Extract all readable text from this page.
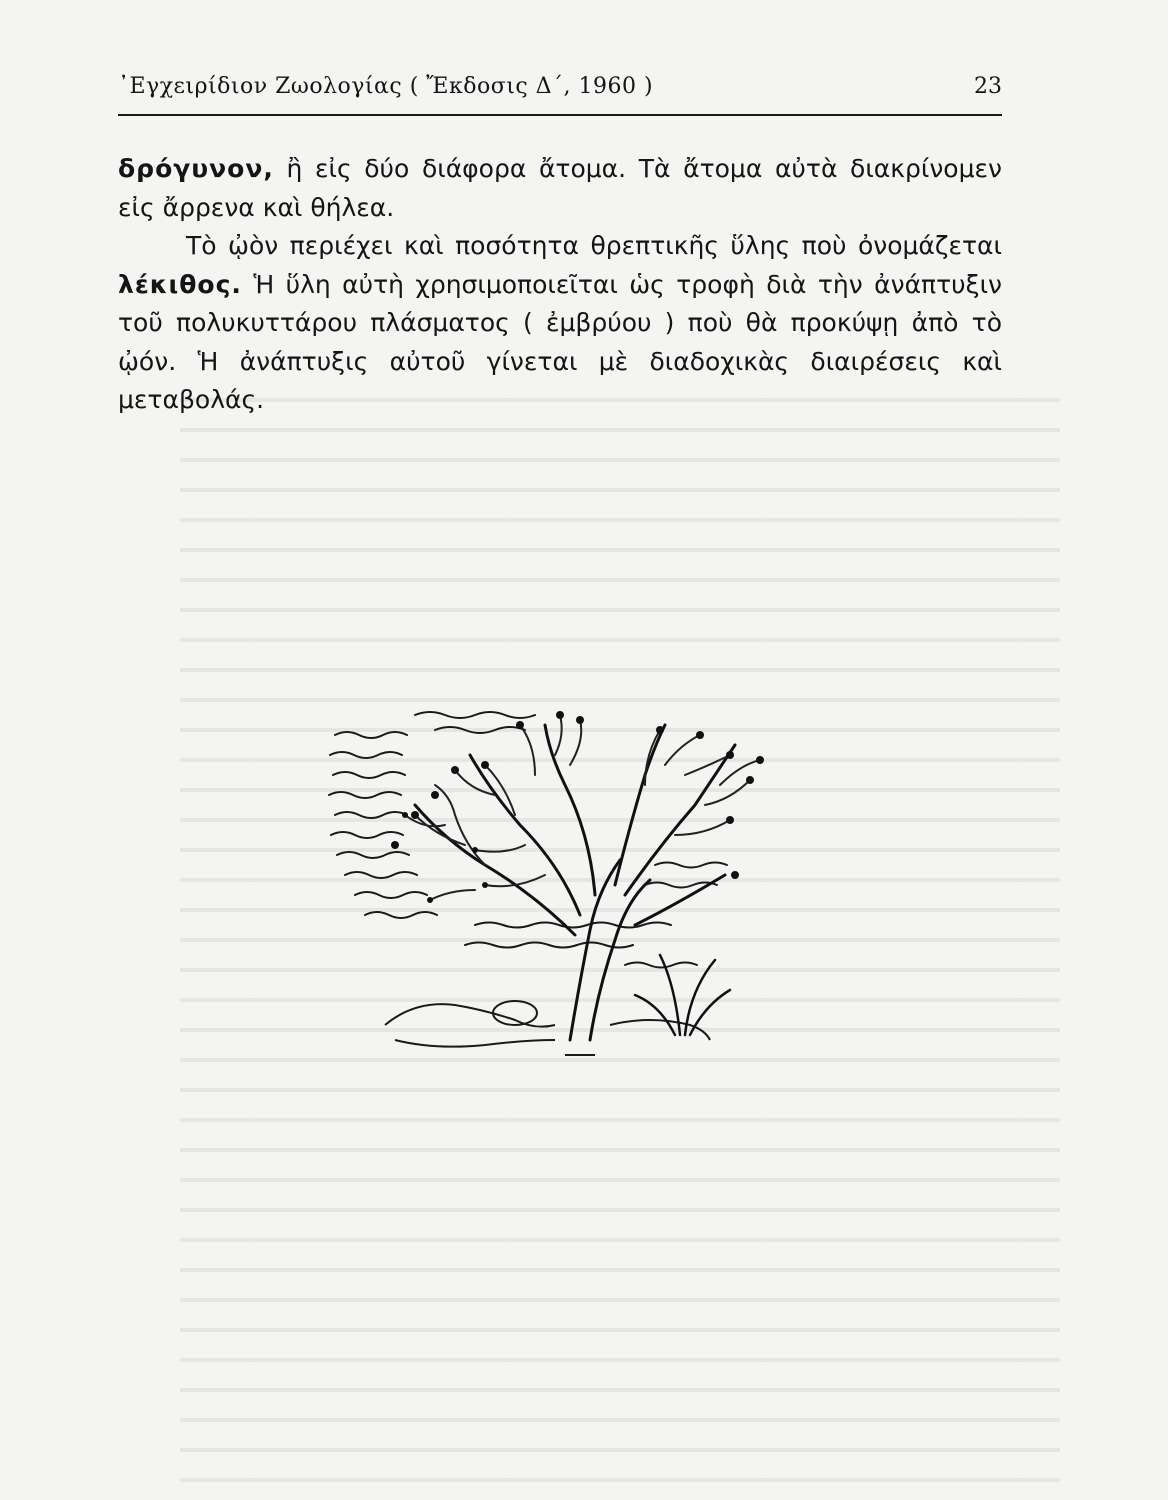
᾽Εγχειρίδιον Ζωολογίας ( Ἔκδοσις Δ΄, 1960 )	23

δρόγυνον, ἢ εἰς δύο διάφορα ἄτομα. Τὰ ἄτομα αὐτὰ διακρίνομεν εἰς ἄρρενα καὶ θήλεα.

Τὸ ᾠὸν περιέχει καὶ ποσότητα θρεπτικῆς ὕλης ποὺ ὀνομάζεται λέκιθος. Ἡ ὕλη αὐτὴ χρησιμοποιεῖται ὡς τροφὴ διὰ τὴν ἀνάπτυξιν τοῦ πολυκυττάρου πλάσματος ( ἐμβρύου ) ποὺ θὰ προκύψῃ ἀπὸ τὸ ᾠόν. Ἡ ἀνάπτυξις αὐτοῦ γίνεται μὲ διαδοχικὰς διαιρέσεις καὶ μεταβολάς.
